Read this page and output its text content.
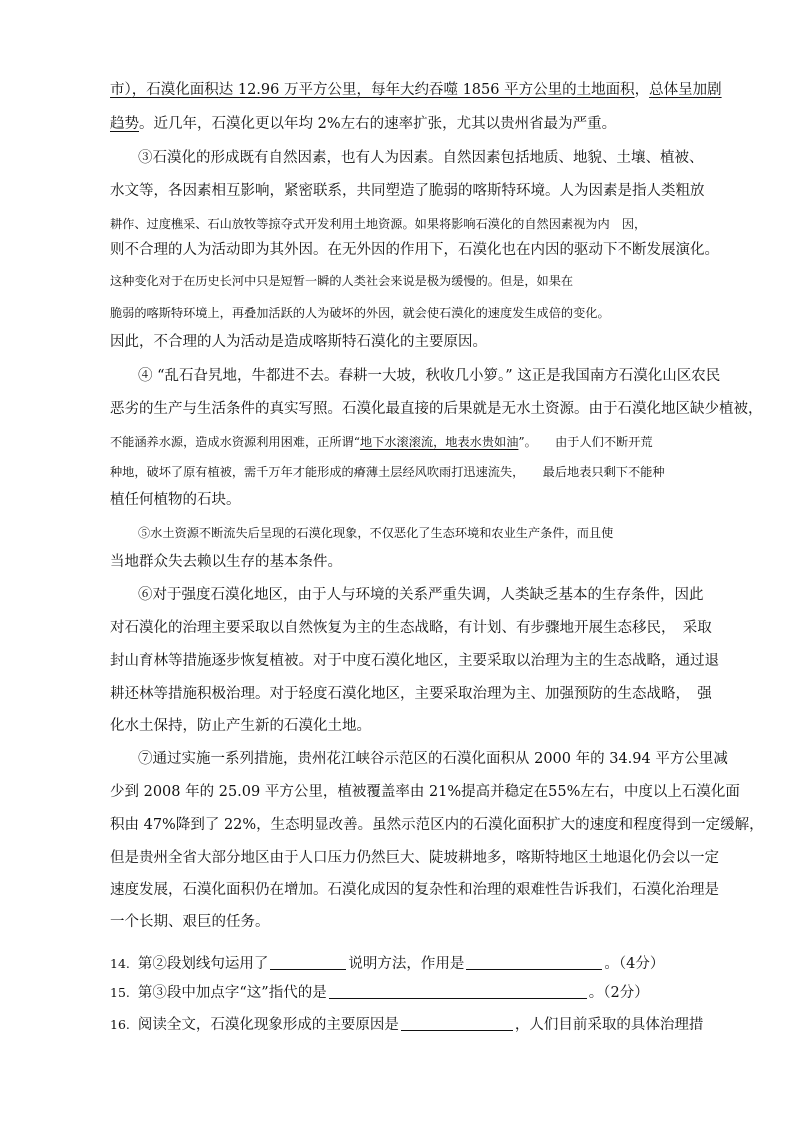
市），石漠化面积达 12.96 万平方公里，每年大约吞噬 1856 平方公里的土地面积，总体呈加剧
趋势。近几年，石漠化更以年均 2%左右的速率扩张，尤其以贵州省最为严重。
③石漠化的形成既有自然因素，也有人为因素。自然因素包括地质、地貌、土壤、植被、
水文等，各因素相互影响，紧密联系，共同塑造了脆弱的喀斯特环境。人为因素是指人类粗放
耕作、过度樵采、石山放牧等掠夺式开发利用土地资源。如果将影响石漠化的自然因素视为内　因，
则不合理的人为活动即为其外因。在无外因的作用下，石漠化也在内因的驱动下不断发展演化。
这种变化对于在历史长河中只是短暂一瞬的人类社会来说是极为缓慢的。但是，如果在
脆弱的喀斯特环境上，再叠加活跃的人为破坏的外因，就会使石漠化的速度发生成倍的变化。
因此，不合理的人为活动是造成喀斯特石漠化的主要原因。
④ “乱石旮旯地，牛都进不去。春耕一大坡，秋收几小箩。” 这正是我国南方石漠化山区农民
恶劣的生产与生活条件的真实写照。石漠化最直接的后果就是无水土资源。由于石漠化地区缺少植被，
不能涵养水源，造成水资源利用困难，正所谓“地下水滚滚流，地表水贵如油”。　　由于人们不断开荒
种地，破坏了原有植被，需千万年才能形成的瘠薄土层经风吹雨打迅速流失，　　最后地表只剩下不能种
植任何植物的石块。
⑤水土资源不断流失后呈现的石漠化现象，不仅恶化了生态环境和农业生产条件，而且使
当地群众失去赖以生存的基本条件。
⑥对于强度石漠化地区，由于人与环境的关系严重失调，人类缺乏基本的生存条件，因此
对石漠化的治理主要采取以自然恢复为主的生态战略，有计划、有步骤地开展生态移民，　采取
封山育林等措施逐步恢复植被。对于中度石漠化地区，主要采取以治理为主的生态战略，通过退
耕还林等措施积极治理。对于轻度石漠化地区，主要采取治理为主、加强预防的生态战略，　强
化水土保持，防止产生新的石漠化土地。
⑦通过实施一系列措施，贵州花江峡谷示范区的石漠化面积从 2000 年的 34.94 平方公里减
少到 2008 年的 25.09 平方公里，植被覆盖率由 21%提高并稳定在55%左右，中度以上石漠化面
积由 47%降到了 22%，生态明显改善。虽然示范区内的石漠化面积扩大的速度和程度得到一定缓解，
但是贵州全省大部分地区由于人口压力仍然巨大、陡坡耕地多，喀斯特地区土地退化仍会以一定
速度发展，石漠化面积仍在增加。石漠化成因的复杂性和治理的艰难性告诉我们，石漠化治理是
一个长期、艰巨的任务。
14. 第②段划线句运用了	说明方法，作用是	。（4分）
15. 第③段中加点字“这”指代的是	。（2分）
16. 阅读全文，石漠化现象形成的主要原因是	，人们目前采取的具体治理措
